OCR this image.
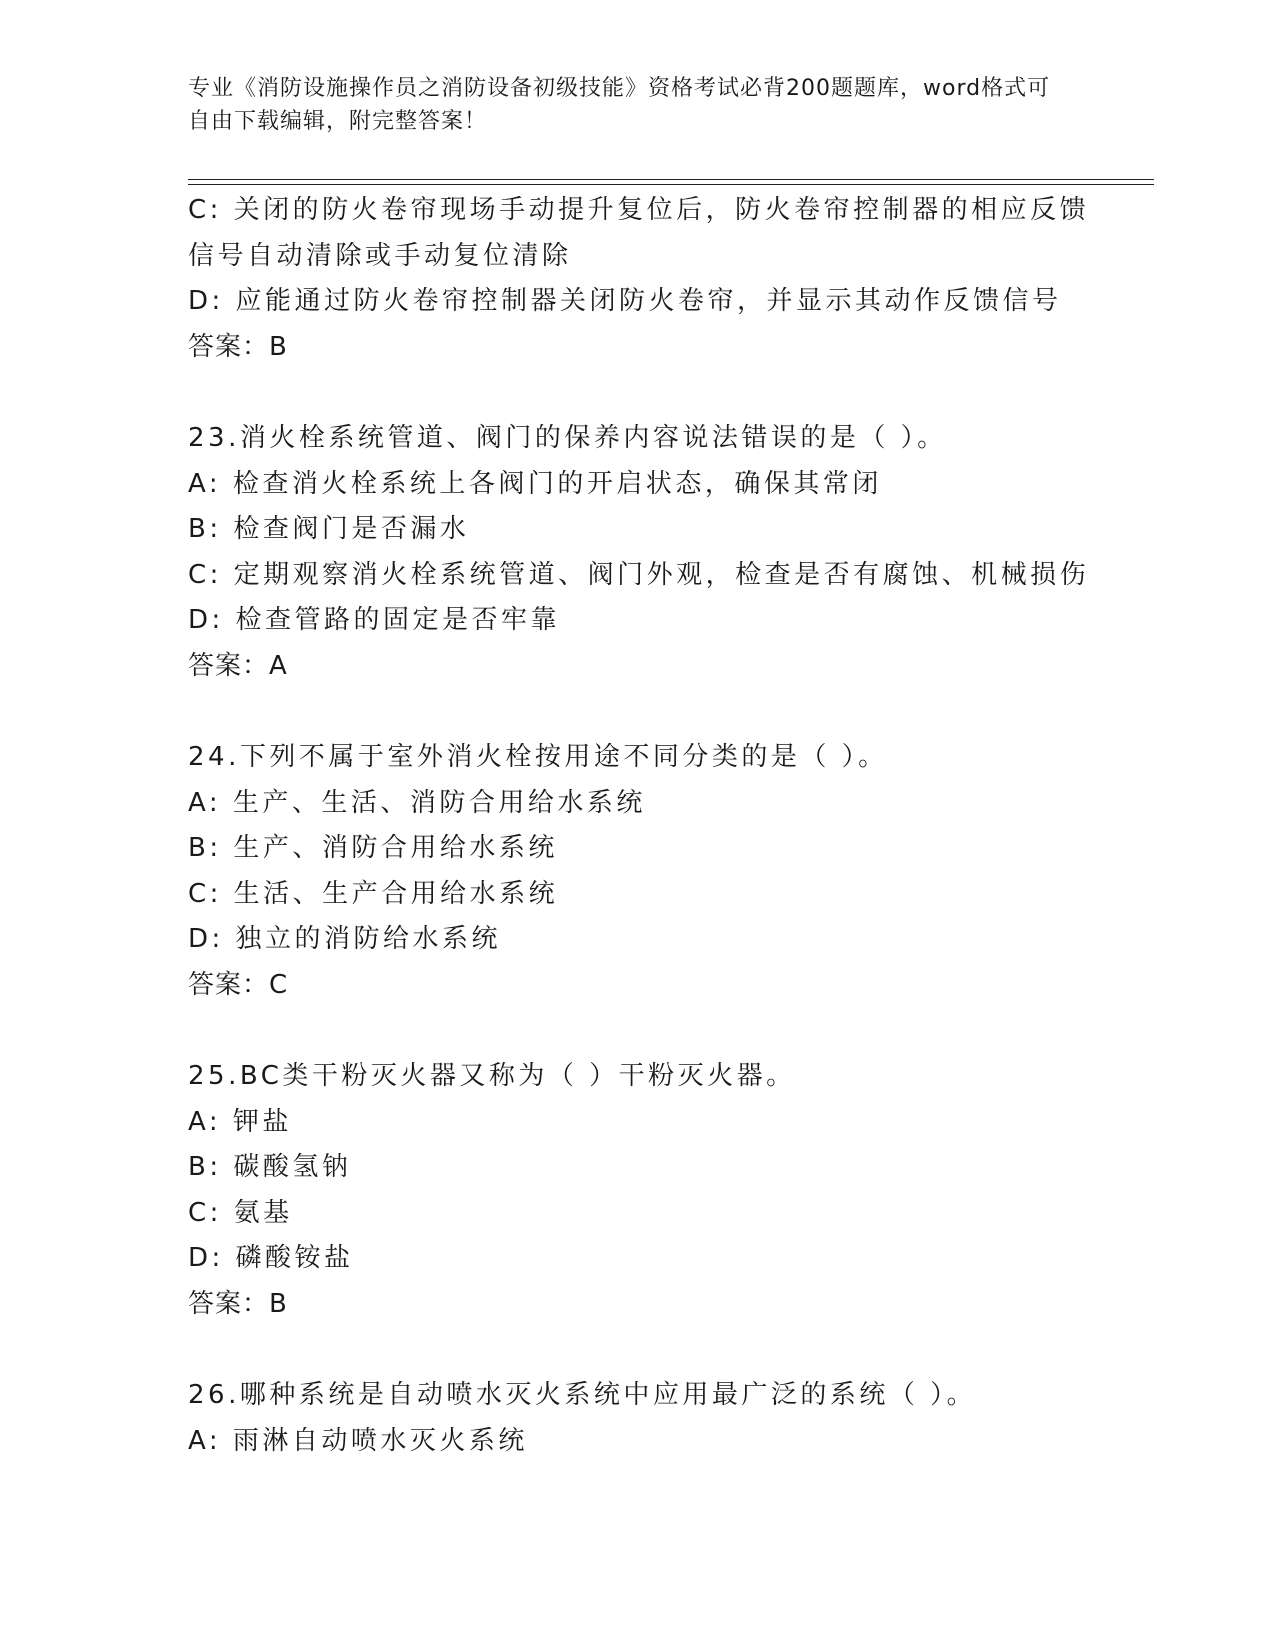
专业《消防设施操作员之消防设备初级技能》资格考试必背200题题库，word格式可自由下载编辑，附完整答案！
C: 关闭的防火卷帘现场手动提升复位后，防火卷帘控制器的相应反馈
信号自动清除或手动复位清除
D: 应能通过防火卷帘控制器关闭防火卷帘，并显示其动作反馈信号
答案：B
23.消火栓系统管道、阀门的保养内容说法错误的是（ ）。
A: 检查消火栓系统上各阀门的开启状态，确保其常闭
B: 检查阀门是否漏水
C: 定期观察消火栓系统管道、阀门外观，检查是否有腐蚀、机械损伤
D: 检查管路的固定是否牢靠
答案：A
24.下列不属于室外消火栓按用途不同分类的是（ ）。
A: 生产、生活、消防合用给水系统
B: 生产、消防合用给水系统
C: 生活、生产合用给水系统
D: 独立的消防给水系统
答案：C
25.BC类干粉灭火器又称为（ ）干粉灭火器。
A: 钾盐
B: 碳酸氢钠
C: 氨基
D: 磷酸铵盐
答案：B
26.哪种系统是自动喷水灭火系统中应用最广泛的系统（ ）。
A: 雨淋自动喷水灭火系统
